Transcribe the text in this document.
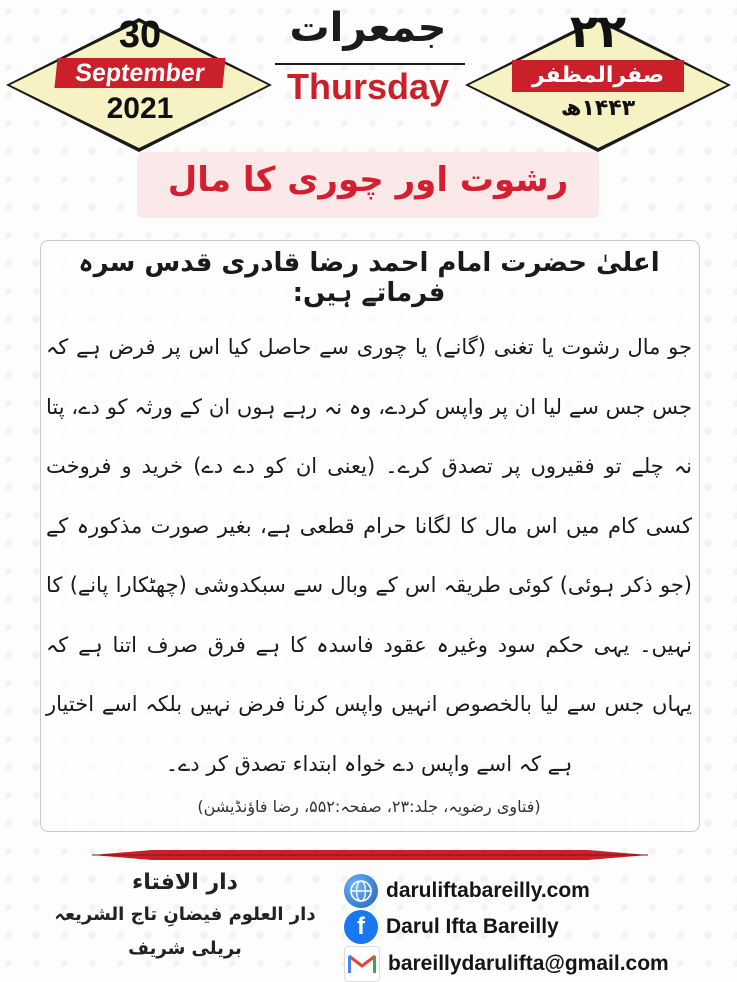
30
September
2021
جمعرات
Thursday
۲۲
صفرالمظفر
۱۴۴۳ھ
رشوت اور چوری کا مال
اعلیٰ حضرت امام احمد رضا قادری قدس سرہ فرماتے ہیں:
جو مال رشوت یا تغنی (گانے) یا چوری سے حاصل کیا اس پر فرض ہے کہ جس جس سے لیا ان پر واپس کردے، وہ نہ رہے ہوں ان کے ورثہ کو دے، پتا نہ چلے تو فقیروں پر تصدق کرے۔ (یعنی ان کو دے دے) خرید و فروخت کسی کام میں اس مال کا لگانا حرام قطعی ہے، بغیر صورت مذکورہ کے (جو ذکر ہوئی) کوئی طریقہ اس کے وبال سے سبکدوشی (چھٹکارا پانے) کا نہیں۔ یہی حکم سود وغیرہ عقود فاسدہ کا ہے فرق صرف اتنا ہے کہ یہاں جس سے لیا بالخصوص انہیں واپس کرنا فرض نہیں بلکہ اسے اختیار ہے کہ اسے واپس دے خواہ ابتداء تصدق کر دے۔
(فتاوی رضویہ، جلد:۲۳، صفحہ:۵۵۲، رضا فاؤنڈیشن)
دار الافتاء
دار العلوم فیضانِ تاج الشریعہ
بریلی شریف
daruliftabareilly.com
f	Darul Ifta Bareilly
bareillydarulifta@gmail.com
